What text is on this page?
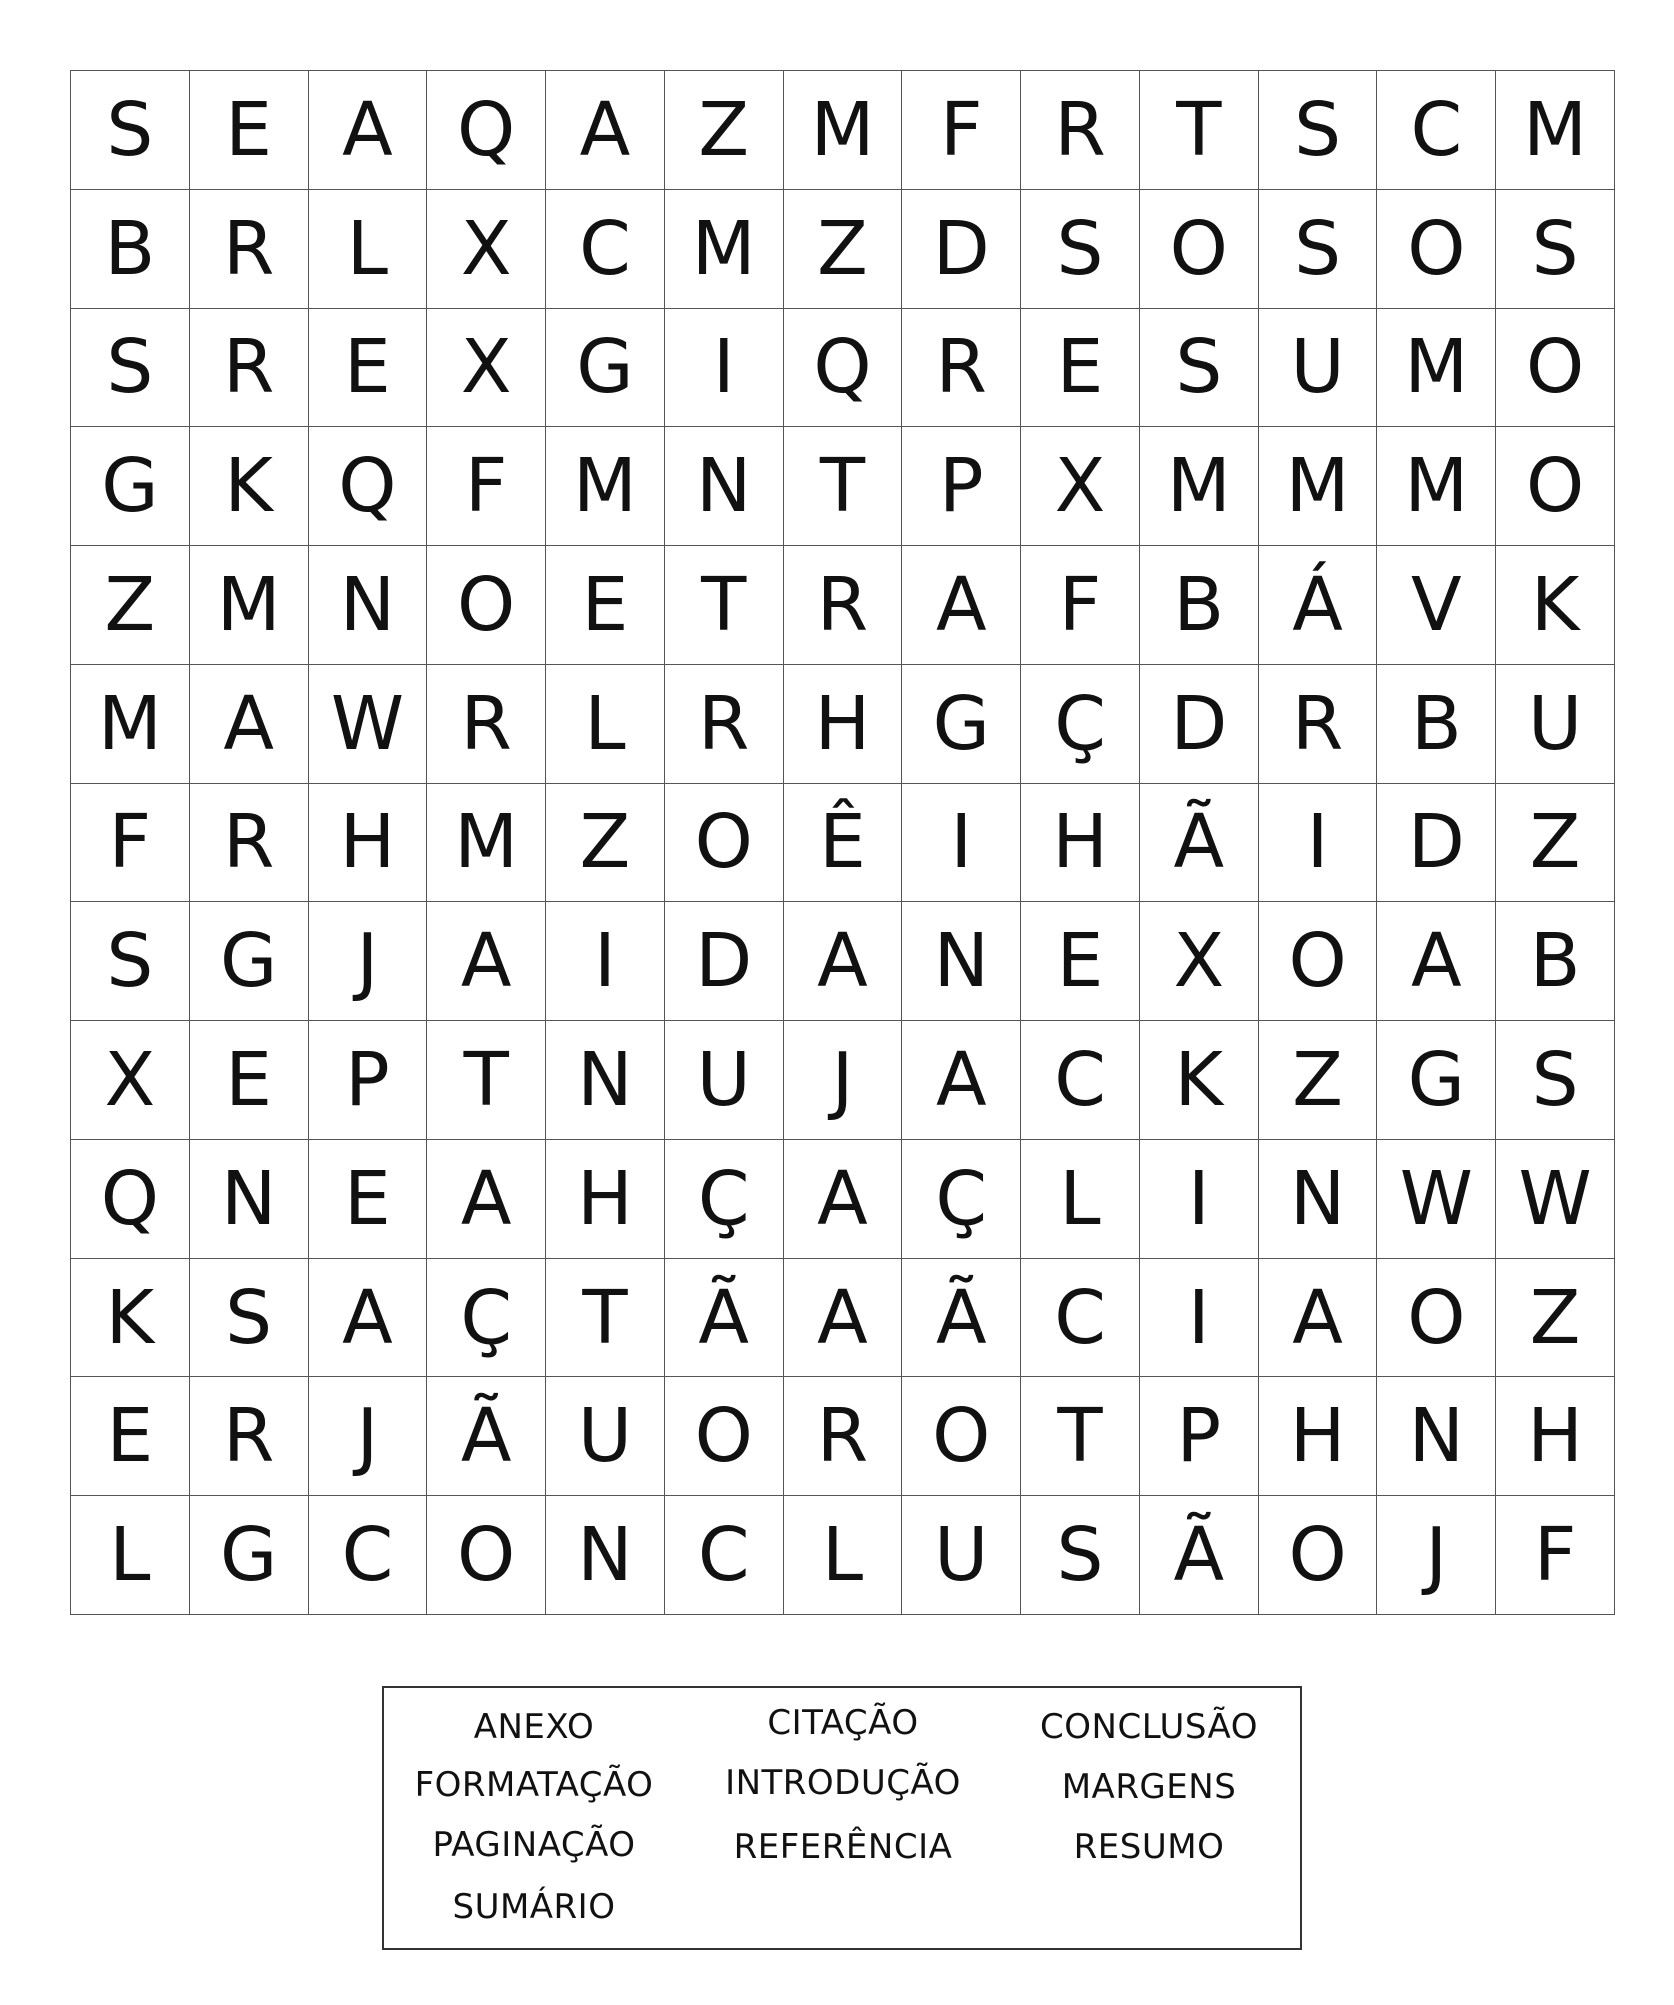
S E A Q A Z M F R T S C M
B R L X C M Z D S O S O S
S R E X G	I	Q R E S U M O
G K Q F M N T P X M M M O
Z M N O E T R A F B Á V K
M A W R L R H G Ç D R B U
F R H M Z O Ê	I	H Ã	I	D Z
S G	J	A	I	D A N E X O A B
X E P T N U	J	A C K Z G S
Q N E A H Ç A Ç L	I	N W W
K S A Ç T Ã A Ã C	I	A O Z
E R	J	Ã U O R O T P H N H
L G C O N C L U S Ã O	J	F
ANEXO	CITAÇÃO	CONCLUSÃO
FORMATAÇÃO	INTRODUÇÃO	MARGENS
PAGINAÇÃO	REFERÊNCIA	RESUMO
SUMÁRIO
